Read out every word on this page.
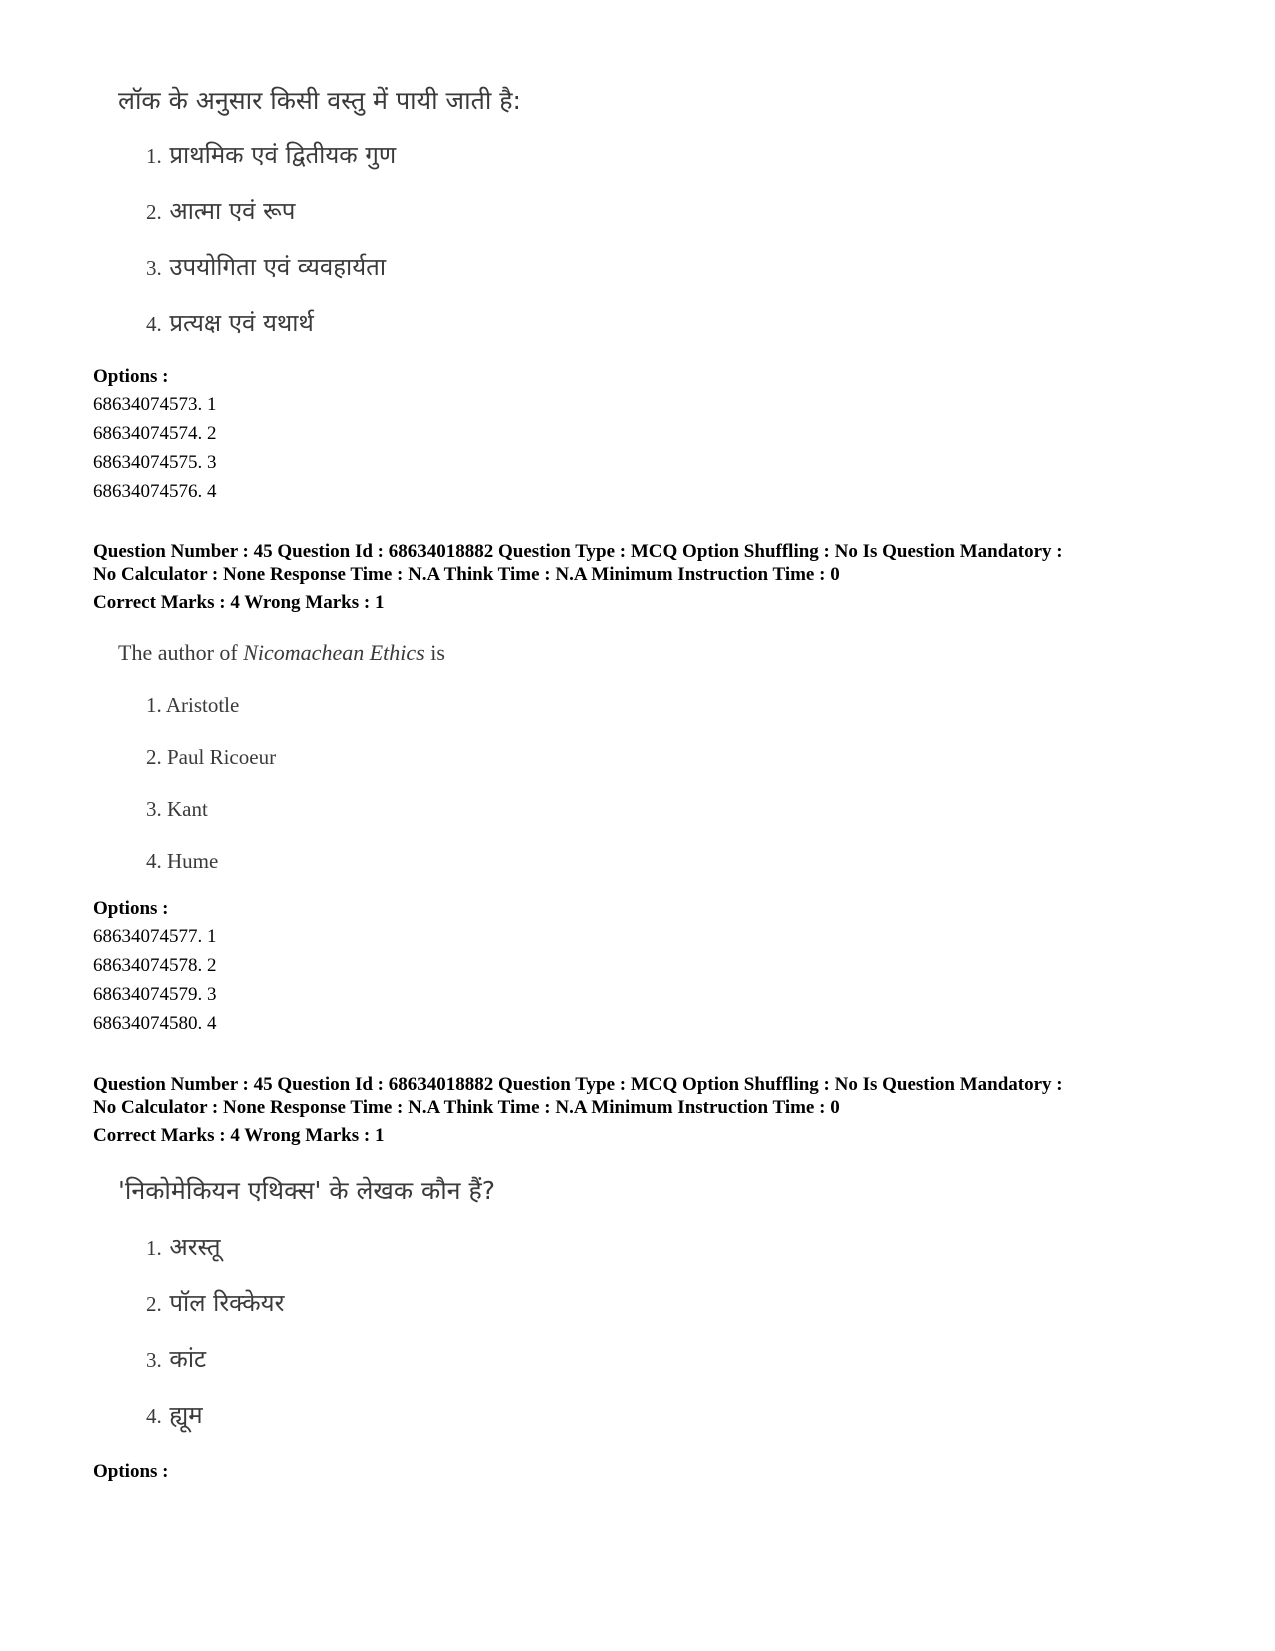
लॉक के अनुसार किसी वस्तु में पायी जाती है:

1. प्राथमिक एवं द्वितीयक गुण
2. आत्मा एवं रूप
3. उपयोगिता एवं व्यवहार्यता
4. प्रत्यक्ष एवं यथार्थ

Options :

68634074573. 1
68634074574. 2
68634074575. 3
68634074576. 4

Question Number : 45 Question Id : 68634018882 Question Type : MCQ Option Shuffling : No Is Question Mandatory :

No Calculator : None Response Time : N.A Think Time : N.A Minimum Instruction Time : 0

Correct Marks : 4 Wrong Marks : 1

The author of Nicomachean Ethics is

1. Aristotle
2. Paul Ricoeur
3. Kant
4. Hume

Options :

68634074577. 1
68634074578. 2
68634074579. 3
68634074580. 4

Question Number : 45 Question Id : 68634018882 Question Type : MCQ Option Shuffling : No Is Question Mandatory :

No Calculator : None Response Time : N.A Think Time : N.A Minimum Instruction Time : 0

Correct Marks : 4 Wrong Marks : 1

'निकोमेकियन एथिक्स' के लेखक कौन हैं?

1. अरस्तू
2. पॉल रिक्केयर
3. कांट
4. ह्यूम

Options :
